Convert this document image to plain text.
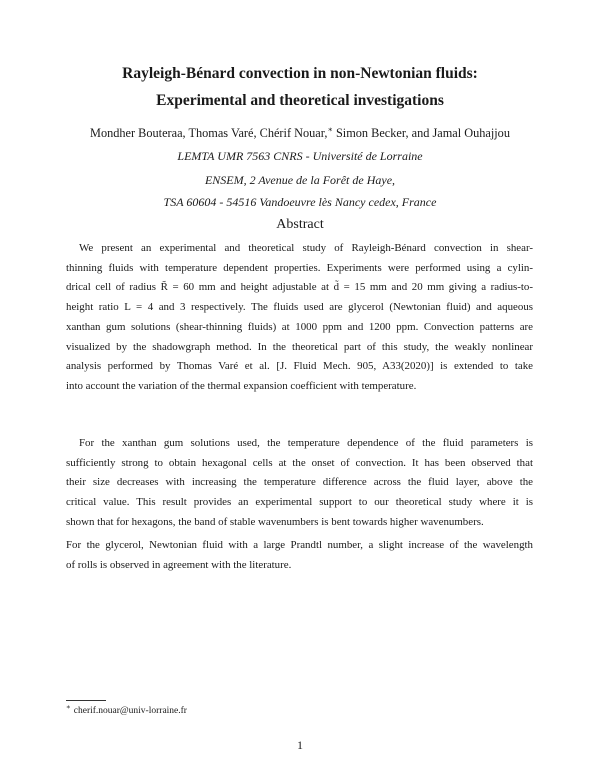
Rayleigh-Bénard convection in non-Newtonian fluids:
Experimental and theoretical investigations
Mondher Bouteraa, Thomas Varé, Chérif Nouar,∗ Simon Becker, and Jamal Ouhajjou
LEMTA UMR 7563 CNRS - Université de Lorraine
ENSEM, 2 Avenue de la Forêt de Haye,
TSA 60604 - 54516 Vandoeuvre lès Nancy cedex, France
Abstract
We present an experimental and theoretical study of Rayleigh-Bénard convection in shear-
thinning fluids with temperature dependent properties. Experiments were performed using a cylin-
drical cell of radius R̃ = 60 mm and height adjustable at d̃ = 15 mm and 20 mm giving a radius-to-
height ratio L = 4 and 3 respectively. The fluids used are glycerol (Newtonian fluid) and aqueous
xanthan gum solutions (shear-thinning fluids) at 1000 ppm and 1200 ppm. Convection patterns are
visualized by the shadowgraph method. In the theoretical part of this study, the weakly nonlinear
analysis performed by Thomas Varé et al. [J. Fluid Mech. 905, A33(2020)] is extended to take
into account the variation of the thermal expansion coefficient with temperature.
For the xanthan gum solutions used, the temperature dependence of the fluid parameters is
sufficiently strong to obtain hexagonal cells at the onset of convection. It has been observed that
their size decreases with increasing the temperature difference across the fluid layer, above the
critical value. This result provides an experimental support to our theoretical study where it is
shown that for hexagons, the band of stable wavenumbers is bent towards higher wavenumbers.
For the glycerol, Newtonian fluid with a large Prandtl number, a slight increase of the wavelength
of rolls is observed in agreement with the literature.
∗ cherif.nouar@univ-lorraine.fr
1
